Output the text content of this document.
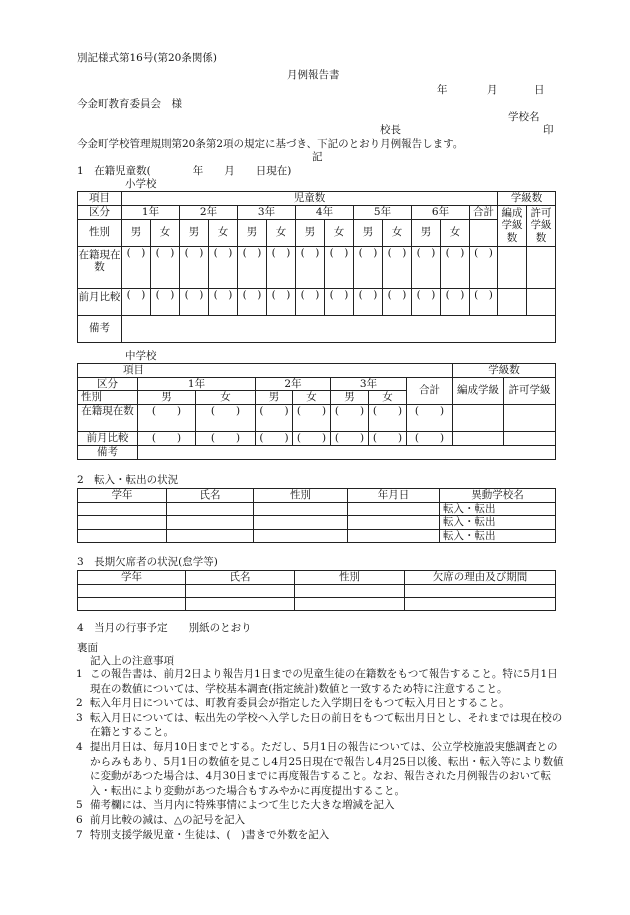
別記様式第16号(第20条関係)
月例報告書
年	月	日
今金町教育委員会　様
学校名
校長	印
今金町学校管理規則第20条第2項の規定に基づき、下記のとおり月例報告します。
記
1　在籍児童数(　　　　年　　月　　日現在)
小学校
項目	児童数													学級数	
区分	1年		2年		3年		4年		5年		6年		合計	編成学級数	許可学級数
性別	男	女	男	女	男	女	男	女	男	女	男	女			
在籍現在数	(　)	(　)	(　)	(　)	(　)	(　)	(　)	(　)	(　)	(　)	(　)	(　)	(　)		
前月比較	(　)	(　)	(　)	(　)	(　)	(　)	(　)	(　)	(　)	(　)	(　)	(　)	(　)		
備考															
中学校
項目								学級数	
区分	1年		2年		3年		合計	編成学級	許可学級
性別	男	女	男	女	男	女			
在籍現在数	(　　)	(　　)	(　　)	(　　)	(　　)	(　　)	(　　)		
前月比較	(　　)	(　　)	(　　)	(　　)	(　　)	(　　)	(　　)		
備考									
2　転入・転出の状況
学年	氏名	性別	年月日	異動学校名
				転入・転出
				転入・転出
				転入・転出
3　長期欠席者の状況(怠学等)
学年	氏名	性別	欠席の理由及び期間

4　当月の行事予定　　別紙のとおり
裏面
記入上の注意事項
1 この報告書は、前月2日より報告月1日までの児童生徒の在籍数をもつて報告すること。特に5月1日現在の数値については、学校基本調査(指定統計)数値と一致するため特に注意すること。
2 転入年月日については、町教育委員会が指定した入学期日をもつて転入月日とすること。
3 転入月日については、転出先の学校へ入学した日の前日をもつて転出月日とし、それまでは現在校の在籍とすること。
4 提出月日は、毎月10日までとする。ただし、5月1日の報告については、公立学校施設実態調査とのからみもあり、5月1日の数値を見こし4月25日現在で報告し4月25日以後、転出・転入等により数値に変動があつた場合は、4月30日までに再度報告すること。なお、報告された月例報告のおいて転入・転出により変動があつた場合もすみやかに再度提出すること。
5 備考欄には、当月内に特殊事情によつて生じた大きな増減を記入
6 前月比較の減は、△の記号を記入
7 特別支援学級児童・生徒は、(　)書きで外数を記入
